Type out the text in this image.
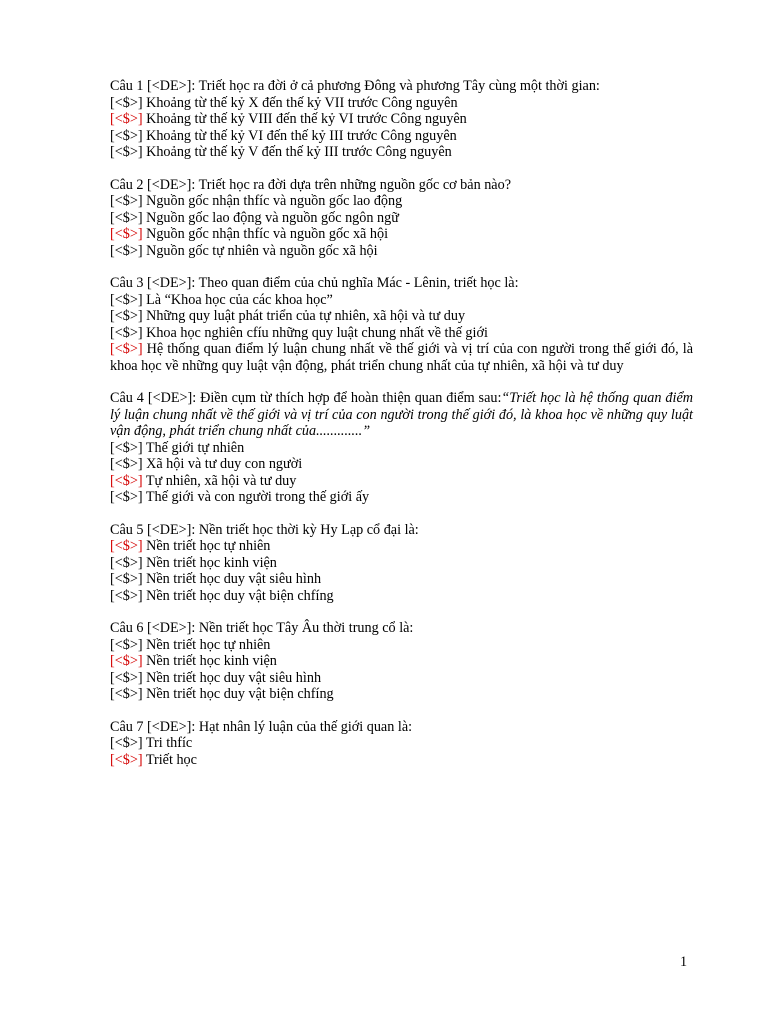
Câu 1 [<DE>]: Triết học ra đời ở cả phương Đông và phương Tây cùng một thời gian:
[<$>] Khoảng từ thế kỷ X đến thế kỷ VII trước Công nguyên
[<$>] Khoảng từ thế kỷ VIII đến thế kỷ VI trước Công nguyên
[<$>] Khoảng từ thế kỷ VI đến thế kỷ III trước Công nguyên
[<$>] Khoảng từ thế kỷ V đến thế kỷ III trước Công nguyên
Câu 2 [<DE>]: Triết học ra đời dựa trên những nguồn gốc cơ bản nào?
[<$>] Nguồn gốc nhận thfíc và nguồn gốc lao động
[<$>] Nguồn gốc lao động và nguồn gốc ngôn ngữ
[<$>] Nguồn gốc nhận thfíc và nguồn gốc xã hội
[<$>] Nguồn gốc tự nhiên và nguồn gốc xã hội
Câu 3 [<DE>]: Theo quan điểm của chủ nghĩa Mác - Lênin, triết học là:
[<$>] Là “Khoa học của các khoa học”
[<$>] Những quy luật phát triển của tự nhiên, xã hội và tư duy
[<$>] Khoa học nghiên cfíu những quy luật chung nhất về thế giới
[<$>] Hệ thống quan điểm lý luận chung nhất về thế giới và vị trí của con người trong thế giới đó, là khoa học về những quy luật vận động, phát triển chung nhất của tự nhiên, xã hội và tư duy
Câu 4 [<DE>]: Điền cụm từ thích hợp để hoàn thiện quan điểm sau:“Triết học là hệ thống quan điểm lý luận chung nhất về thế giới và vị trí của con người trong thế giới đó, là khoa học về những quy luật vận động, phát triển chung nhất của.............”
[<$>] Thế giới tự nhiên
[<$>] Xã hội và tư duy con người
[<$>] Tự nhiên, xã hội và tư duy
[<$>] Thế giới và con người trong thế giới ấy
Câu 5 [<DE>]: Nền triết học thời kỳ Hy Lạp cổ đại là:
[<$>] Nền triết học tự nhiên
[<$>] Nền triết học kinh viện
[<$>] Nền triết học duy vật siêu hình
[<$>] Nền triết học duy vật biện chfíng
Câu 6 [<DE>]: Nền triết học Tây Âu thời trung cổ là:
[<$>] Nền triết học tự nhiên
[<$>] Nền triết học kinh viện
[<$>] Nền triết học duy vật siêu hình
[<$>] Nền triết học duy vật biện chfíng
Câu 7 [<DE>]: Hạt nhân lý luận của thế giới quan là:
[<$>] Tri thfíc
[<$>] Triết học
1
